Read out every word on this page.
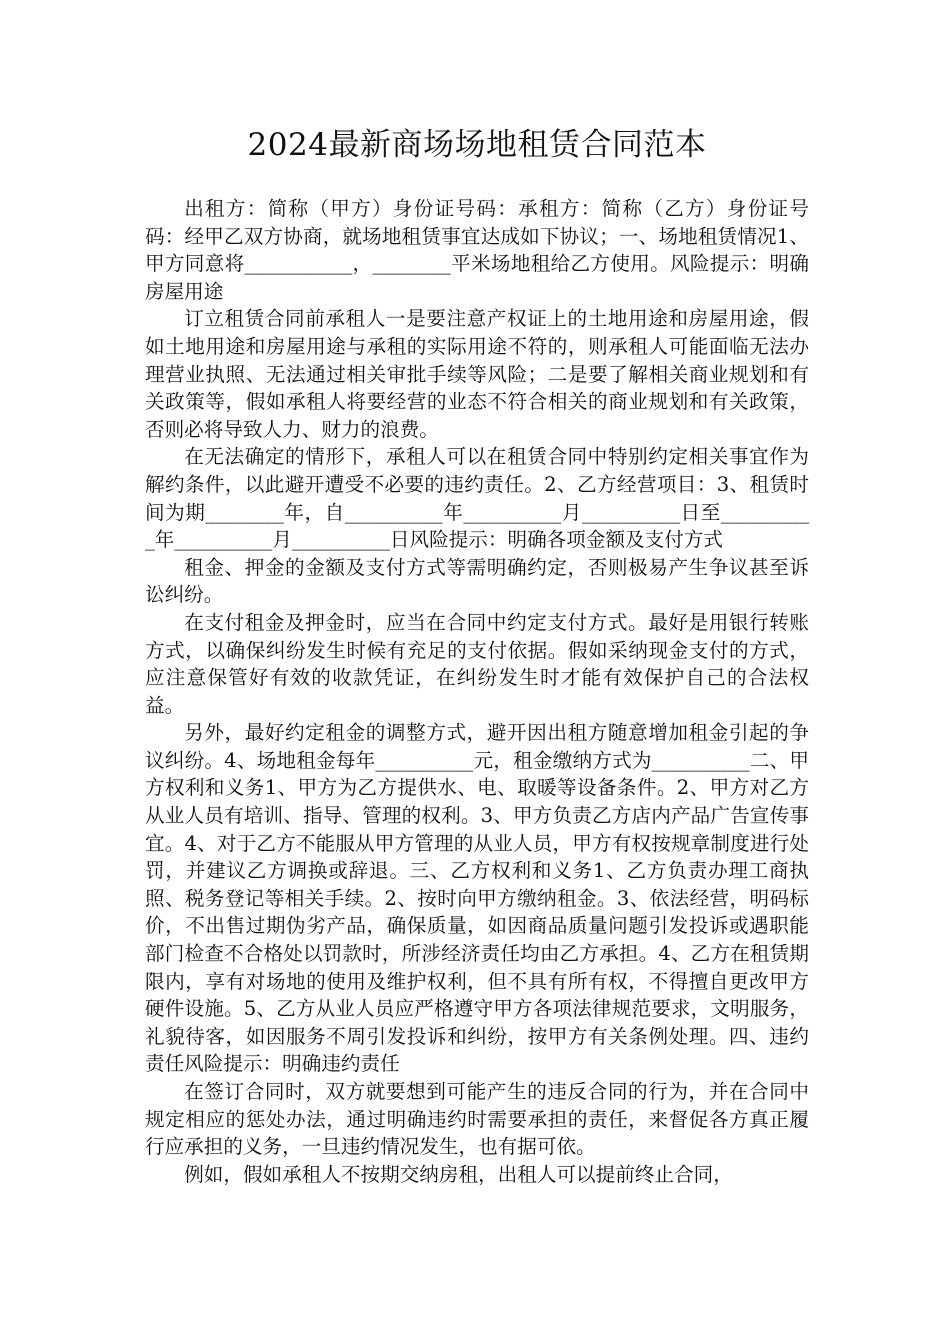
2024最新商场场地租赁合同范本

出租方：简称（甲方）身份证号码：承租方：简称（乙方）身份证号码：经甲乙双方协商，就场地租赁事宜达成如下协议；一、场地租赁情况1、甲方同意将___________，________平米场地租给乙方使用。风险提示：明确房屋用途

订立租赁合同前承租人一是要注意产权证上的土地用途和房屋用途，假如土地用途和房屋用途与承租的实际用途不符的，则承租人可能面临无法办理营业执照、无法通过相关审批手续等风险；二是要了解相关商业规划和有关政策等，假如承租人将要经营的业态不符合相关的商业规划和有关政策，否则必将导致人力、财力的浪费。

在无法确定的情形下，承租人可以在租赁合同中特别约定相关事宜作为解约条件，以此避开遭受不必要的违约责任。2、乙方经营项目：3、租赁时间为期________年，自__________年__________月__________日至__________年__________月__________日风险提示：明确各项金额及支付方式

租金、押金的金额及支付方式等需明确约定，否则极易产生争议甚至诉讼纠纷。

在支付租金及押金时，应当在合同中约定支付方式。最好是用银行转账方式，以确保纠纷发生时候有充足的支付依据。假如采纳现金支付的方式，应注意保管好有效的收款凭证，在纠纷发生时才能有效保护自己的合法权益。

另外，最好约定租金的调整方式，避开因出租方随意增加租金引起的争议纠纷。4、场地租金每年__________元，租金缴纳方式为__________二、甲方权利和义务1、甲方为乙方提供水、电、取暖等设备条件。2、甲方对乙方从业人员有培训、指导、管理的权利。3、甲方负责乙方店内产品广告宣传事宜。4、对于乙方不能服从甲方管理的从业人员，甲方有权按规章制度进行处罚，并建议乙方调换或辞退。三、乙方权利和义务1、乙方负责办理工商执照、税务登记等相关手续。2、按时向甲方缴纳租金。3、依法经营，明码标价，不出售过期伪劣产品，确保质量，如因商品质量问题引发投诉或遇职能部门检查不合格处以罚款时，所涉经济责任均由乙方承担。4、乙方在租赁期限内，享有对场地的使用及维护权利，但不具有所有权，不得擅自更改甲方硬件设施。5、乙方从业人员应严格遵守甲方各项法律规范要求，文明服务，礼貌待客，如因服务不周引发投诉和纠纷，按甲方有关条例处理。四、违约责任风险提示：明确违约责任

在签订合同时，双方就要想到可能产生的违反合同的行为，并在合同中规定相应的惩处办法，通过明确违约时需要承担的责任，来督促各方真正履行应承担的义务，一旦违约情况发生，也有据可依。

例如，假如承租人不按期交纳房租，出租人可以提前终止合同，
